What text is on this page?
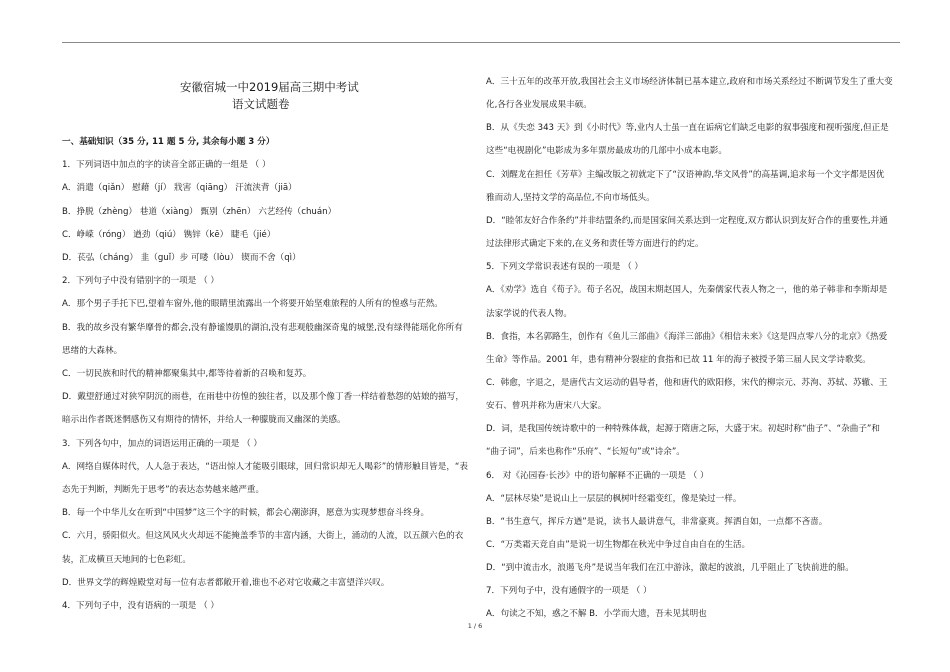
安徽宿城一中2019届高三期中考试
语文试题卷
一、基础知识（35 分, 11 题 5 分, 其余每小题 3 分）
1．下列词语中加点的字的读音全部正确的一组是 （ ）
A．消遣（qiǎn） 慰藉（jí） 戕害（qiāng） 汗流浃背（jiā）
B．挣脱（zhèng） 巷道（xiàng） 甄别（zhēn） 六艺经传（chuán）
C．峥嵘（róng） 遒劲（qiú） 镌锌（kē） 睫毛（jié）
D．苌弘（cháng） 韭（guǐ）步 可喽（lòu） 锲而不舍（qì）
2．下列句子中没有错别字的一项是 （ ）
A．那个男子手托下巴,望着车窗外,他的眼睛里流露出一个将要开始坚难旅程的人所有的惶惑与茫然。
B．我的故乡没有繁华靡骨的都会,没有静谧馒肌的湖泊,没有悲观般幽深奇鬼的城堡,没有绿得能瑶化你所有
思绪的大森林。
C．一切民族和时代的精神都聚集其中,都等待着新的召唤和复苏。
D．戴望舒通过对狭窄阴沉的雨巷，在雨巷中彷惶的独往者，以及那个像丁香一样结着愁怨的姑娘的描写，
暗示出作者既迷惘感伤又有期待的情怀，并给人一种朦胧而又幽深的美感。
3．下列各句中，加点的词语运用正确的一项是 （ ）
A．网络自媒体时代，人人急于表达，“语出惊人才能吸引眼球，回归常识却无人喝彩”的情形触目皆是，“表
态先于判断，判断先于思考”的表达态势越来越严重。
B．每一个中华儿女在听到“中国梦”这三个字的时候，都会心潮澎湃，愿意为实现梦想奋斗终身。
C．六月，骄阳似火。但这风风火火却远不能掩盖季节的丰富内涵，大街上，涌动的人流，以五颜六色的衣
装，汇成横亘天地间的七色彩虹。
D．世界文学的辉煌殿堂对每一位有志者都敞开着,谁也不必对它收藏之丰富望洋兴叹。
4．下列句子中，没有语病的一项是 （ ）
A．三十五年的改革开放,我国社会主义市场经济体制已基本建立,政府和市场关系经过不断调节发生了重大变
化,各行各业发展成果丰硕。
B．从《失恋 343 天》到《小时代》等,业内人士虽一直在诟病它们缺乏电影的叙事强度和视听强度,但正是
这些“电视剧化”电影成为多年票房最成功的几部中小成本电影。
C．刘醒龙在担任《芳草》主编改版之初就定下了“汉语神韵,华文风骨”的高基调,追求每一个文字都是因优
雅而动人,坚持文学的高品位,不向市场低头。
D．“睦邻友好合作条约”并非结盟条约,而是国家间关系达到一定程度,双方都认识到友好合作的重要性,并通
过法律形式确定下来的,在义务和责任等方面进行的约定。
5．下列文学常识表述有误的一项是 （ ）
A．《劝学》选自《荀子》。荀子名况，战国末期赵国人，先秦儒家代表人物之一，他的弟子韩非和李斯却是
法家学说的代表人物。
B．食指，本名郭路生，创作有《鱼儿三部曲》《海洋三部曲》《相信未来》《这是四点零八分的北京》《热爱
生命》等作品。2001 年，患有精神分裂症的食指和已故 11 年的海子被授予第三届人民文学诗歌奖。
C．韩愈，字退之，是唐代古文运动的倡导者，他和唐代的欧阳修，宋代的柳宗元、苏洵、苏轼、苏辙、王
安石、曾巩并称为唐宋八大家。
D．词，是我国传统诗歌中的一种特殊体裁，起源于隋唐之际，大盛于宋。初起时称“曲子”、“杂曲子”和
“曲子词”，后来也称作“乐府”、“长短句”或“诗余”。
6． 对《沁园春·长沙》中的语句解释不正确的一项是 （ ）
A．“层林尽染”是说山上一层层的枫树叶经霜变红，像是染过一样。
B．“书生意气，挥斥方遒”是说，读书人最讲意气，非常豪爽。挥洒自如，一点都不吝啬。
C．“万类霜天竞自由”是说一切生物都在秋光中争过自由自在的生活。
D．“到中流击水，浪遏飞舟”是说当年我们在江中游泳，激起的波浪，几乎阻止了飞快前进的船。
7．下列句子中，没有通假字的一项是 （ ）
A．句读之不知，惑之不解 B．小学而大遗，吾未见其明也
1 / 6
